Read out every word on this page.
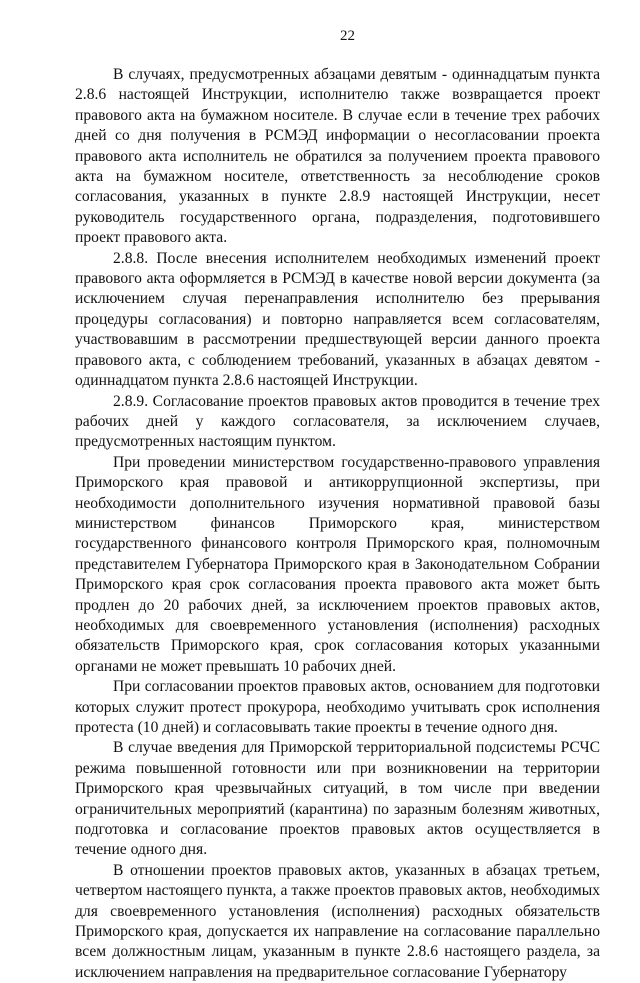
22

В случаях, предусмотренных абзацами девятым - одиннадцатым пункта 2.8.6 настоящей Инструкции, исполнителю также возвращается проект правового акта на бумажном носителе. В случае если в течение трех рабочих дней со дня получения в РСМЭД информации о несогласовании проекта правового акта исполнитель не обратился за получением проекта правового акта на бумажном носителе, ответственность за несоблюдение сроков согласования, указанных в пункте 2.8.9 настоящей Инструкции, несет руководитель государственного органа, подразделения, подготовившего проект правового акта.

2.8.8. После внесения исполнителем необходимых изменений проект правового акта оформляется в РСМЭД в качестве новой версии документа (за исключением случая перенаправления исполнителю без прерывания процедуры согласования) и повторно направляется всем согласователям, участвовавшим в рассмотрении предшествующей версии данного проекта правового акта, с соблюдением требований, указанных в абзацах девятом - одиннадцатом пункта 2.8.6 настоящей Инструкции.

2.8.9. Согласование проектов правовых актов проводится в течение трех рабочих дней у каждого согласователя, за исключением случаев, предусмотренных настоящим пунктом.

При проведении министерством государственно-правового управления Приморского края правовой и антикоррупционной экспертизы, при необходимости дополнительного изучения нормативной правовой базы министерством финансов Приморского края, министерством государственного финансового контроля Приморского края, полномочным представителем Губернатора Приморского края в Законодательном Собрании Приморского края срок согласования проекта правового акта может быть продлен до 20 рабочих дней, за исключением проектов правовых актов, необходимых для своевременного установления (исполнения) расходных обязательств Приморского края, срок согласования которых указанными органами не может превышать 10 рабочих дней.

При согласовании проектов правовых актов, основанием для подготовки которых служит протест прокурора, необходимо учитывать срок исполнения протеста (10 дней) и согласовывать такие проекты в течение одного дня.

В случае введения для Приморской территориальной подсистемы РСЧС режима повышенной готовности или при возникновении на территории Приморского края чрезвычайных ситуаций, в том числе при введении ограничительных мероприятий (карантина) по заразным болезням животных, подготовка и согласование проектов правовых актов осуществляется в течение одного дня.

В отношении проектов правовых актов, указанных в абзацах третьем, четвертом настоящего пункта, а также проектов правовых актов, необходимых для своевременного установления (исполнения) расходных обязательств Приморского края, допускается их направление на согласование параллельно всем должностным лицам, указанным в пункте 2.8.6 настоящего раздела, за исключением направления на предварительное согласование Губернатору
